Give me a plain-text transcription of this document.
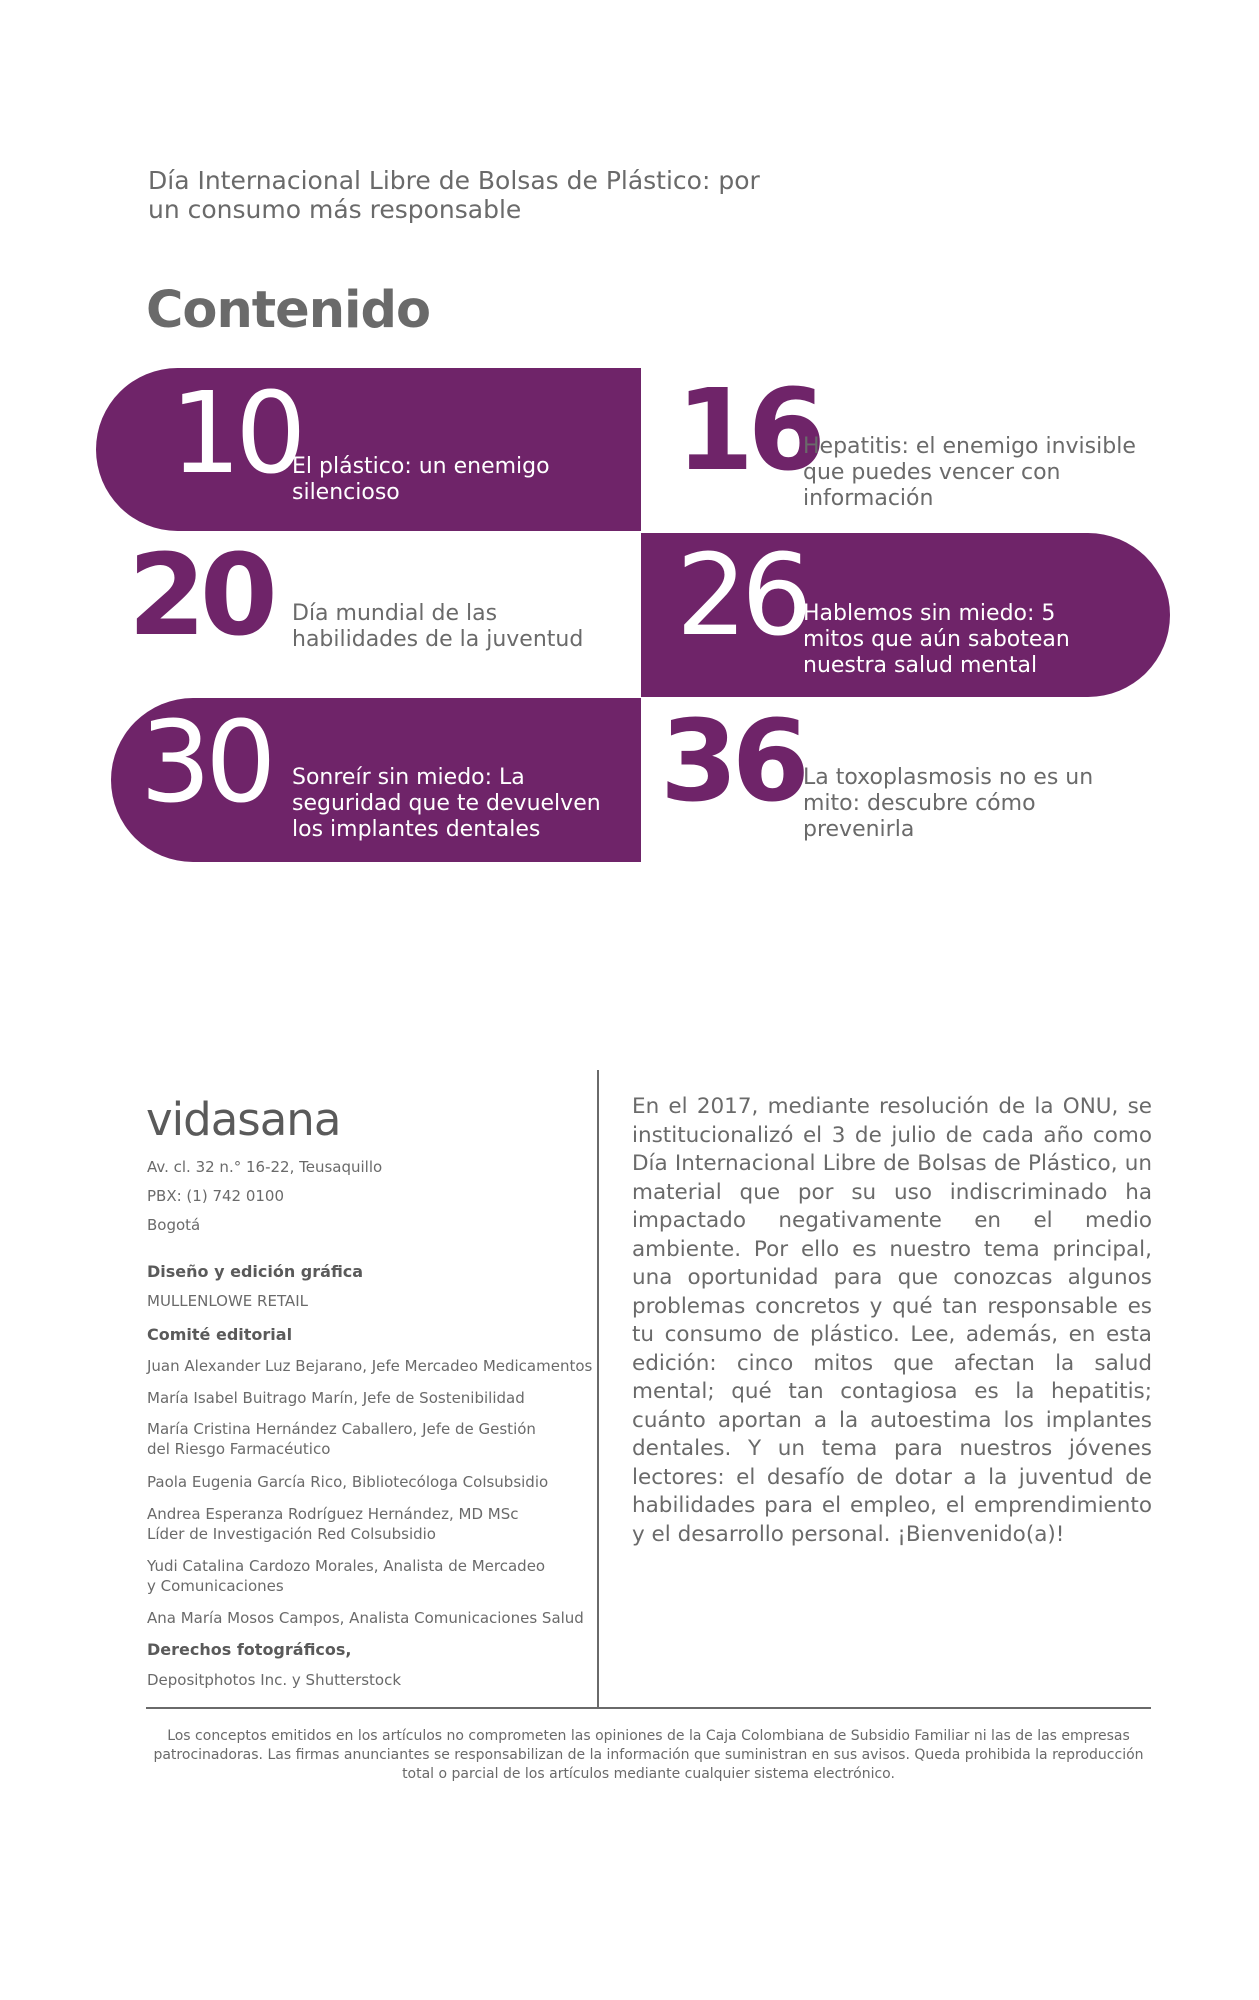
Día Internacional Libre de Bolsas de Plástico: por un consumo más responsable
Contenido
10
El plástico: un enemigo silencioso	16
Hepatitis: el enemigo invisible que puedes vencer con información
20 Día mundial de las habilidades de la juventud 26
Hablemos sin miedo: 5 mitos que aún sabotean nuestra salud mental
30 Sonreír sin miedo: La seguridad que te devuelven los implantes dentales
36 La toxoplasmosis no es un mito: descubre cómo prevenirla
vidasana
Av. cl. 32 n.° 16-22, Teusaquillo
PBX: (1) 742 0100
Bogotá
Diseño y edición gráfica
MULLENLOWE RETAIL
Comité editorial
Juan Alexander Luz Bejarano, Jefe Mercadeo Medicamentos
María Isabel Buitrago Marín, Jefe de Sostenibilidad
María Cristina Hernández Caballero, Jefe de Gestión del Riesgo Farmacéutico
Paola Eugenia García Rico, Bibliotecóloga Colsubsidio
Andrea Esperanza Rodríguez Hernández, MD MSc Líder de Investigación Red Colsubsidio
Yudi Catalina Cardozo Morales, Analista de Mercadeo y Comunicaciones
Ana María Mosos Campos, Analista Comunicaciones Salud
Derechos fotográficos,
Depositphotos Inc. y Shutterstock
En el 2017, mediante resolución de la ONU, se institucionalizó el 3 de julio de cada año como Día Internacional Libre de Bolsas de Plástico, un material que por su uso indiscriminado ha impactado negativamente en el medio ambiente. Por ello es nuestro tema principal, una oportunidad para que conozcas algunos problemas concretos y qué tan responsable es tu consumo de plástico. Lee, además, en esta edición: cinco mitos que afectan la salud mental; qué tan contagiosa es la hepatitis; cuánto aportan a la autoestima los implantes dentales. Y un tema para nuestros jóvenes lectores: el desafío de dotar a la juventud de habilidades para el empleo, el emprendimiento y el desarrollo personal. ¡Bienvenido(a)!
Los conceptos emitidos en los artículos no comprometen las opiniones de la Caja Colombiana de Subsidio Familiar ni las de las empresas patrocinadoras. Las firmas anunciantes se responsabilizan de la información que suministran en sus avisos. Queda prohibida la reproducción total o parcial de los artículos mediante cualquier sistema electrónico.
